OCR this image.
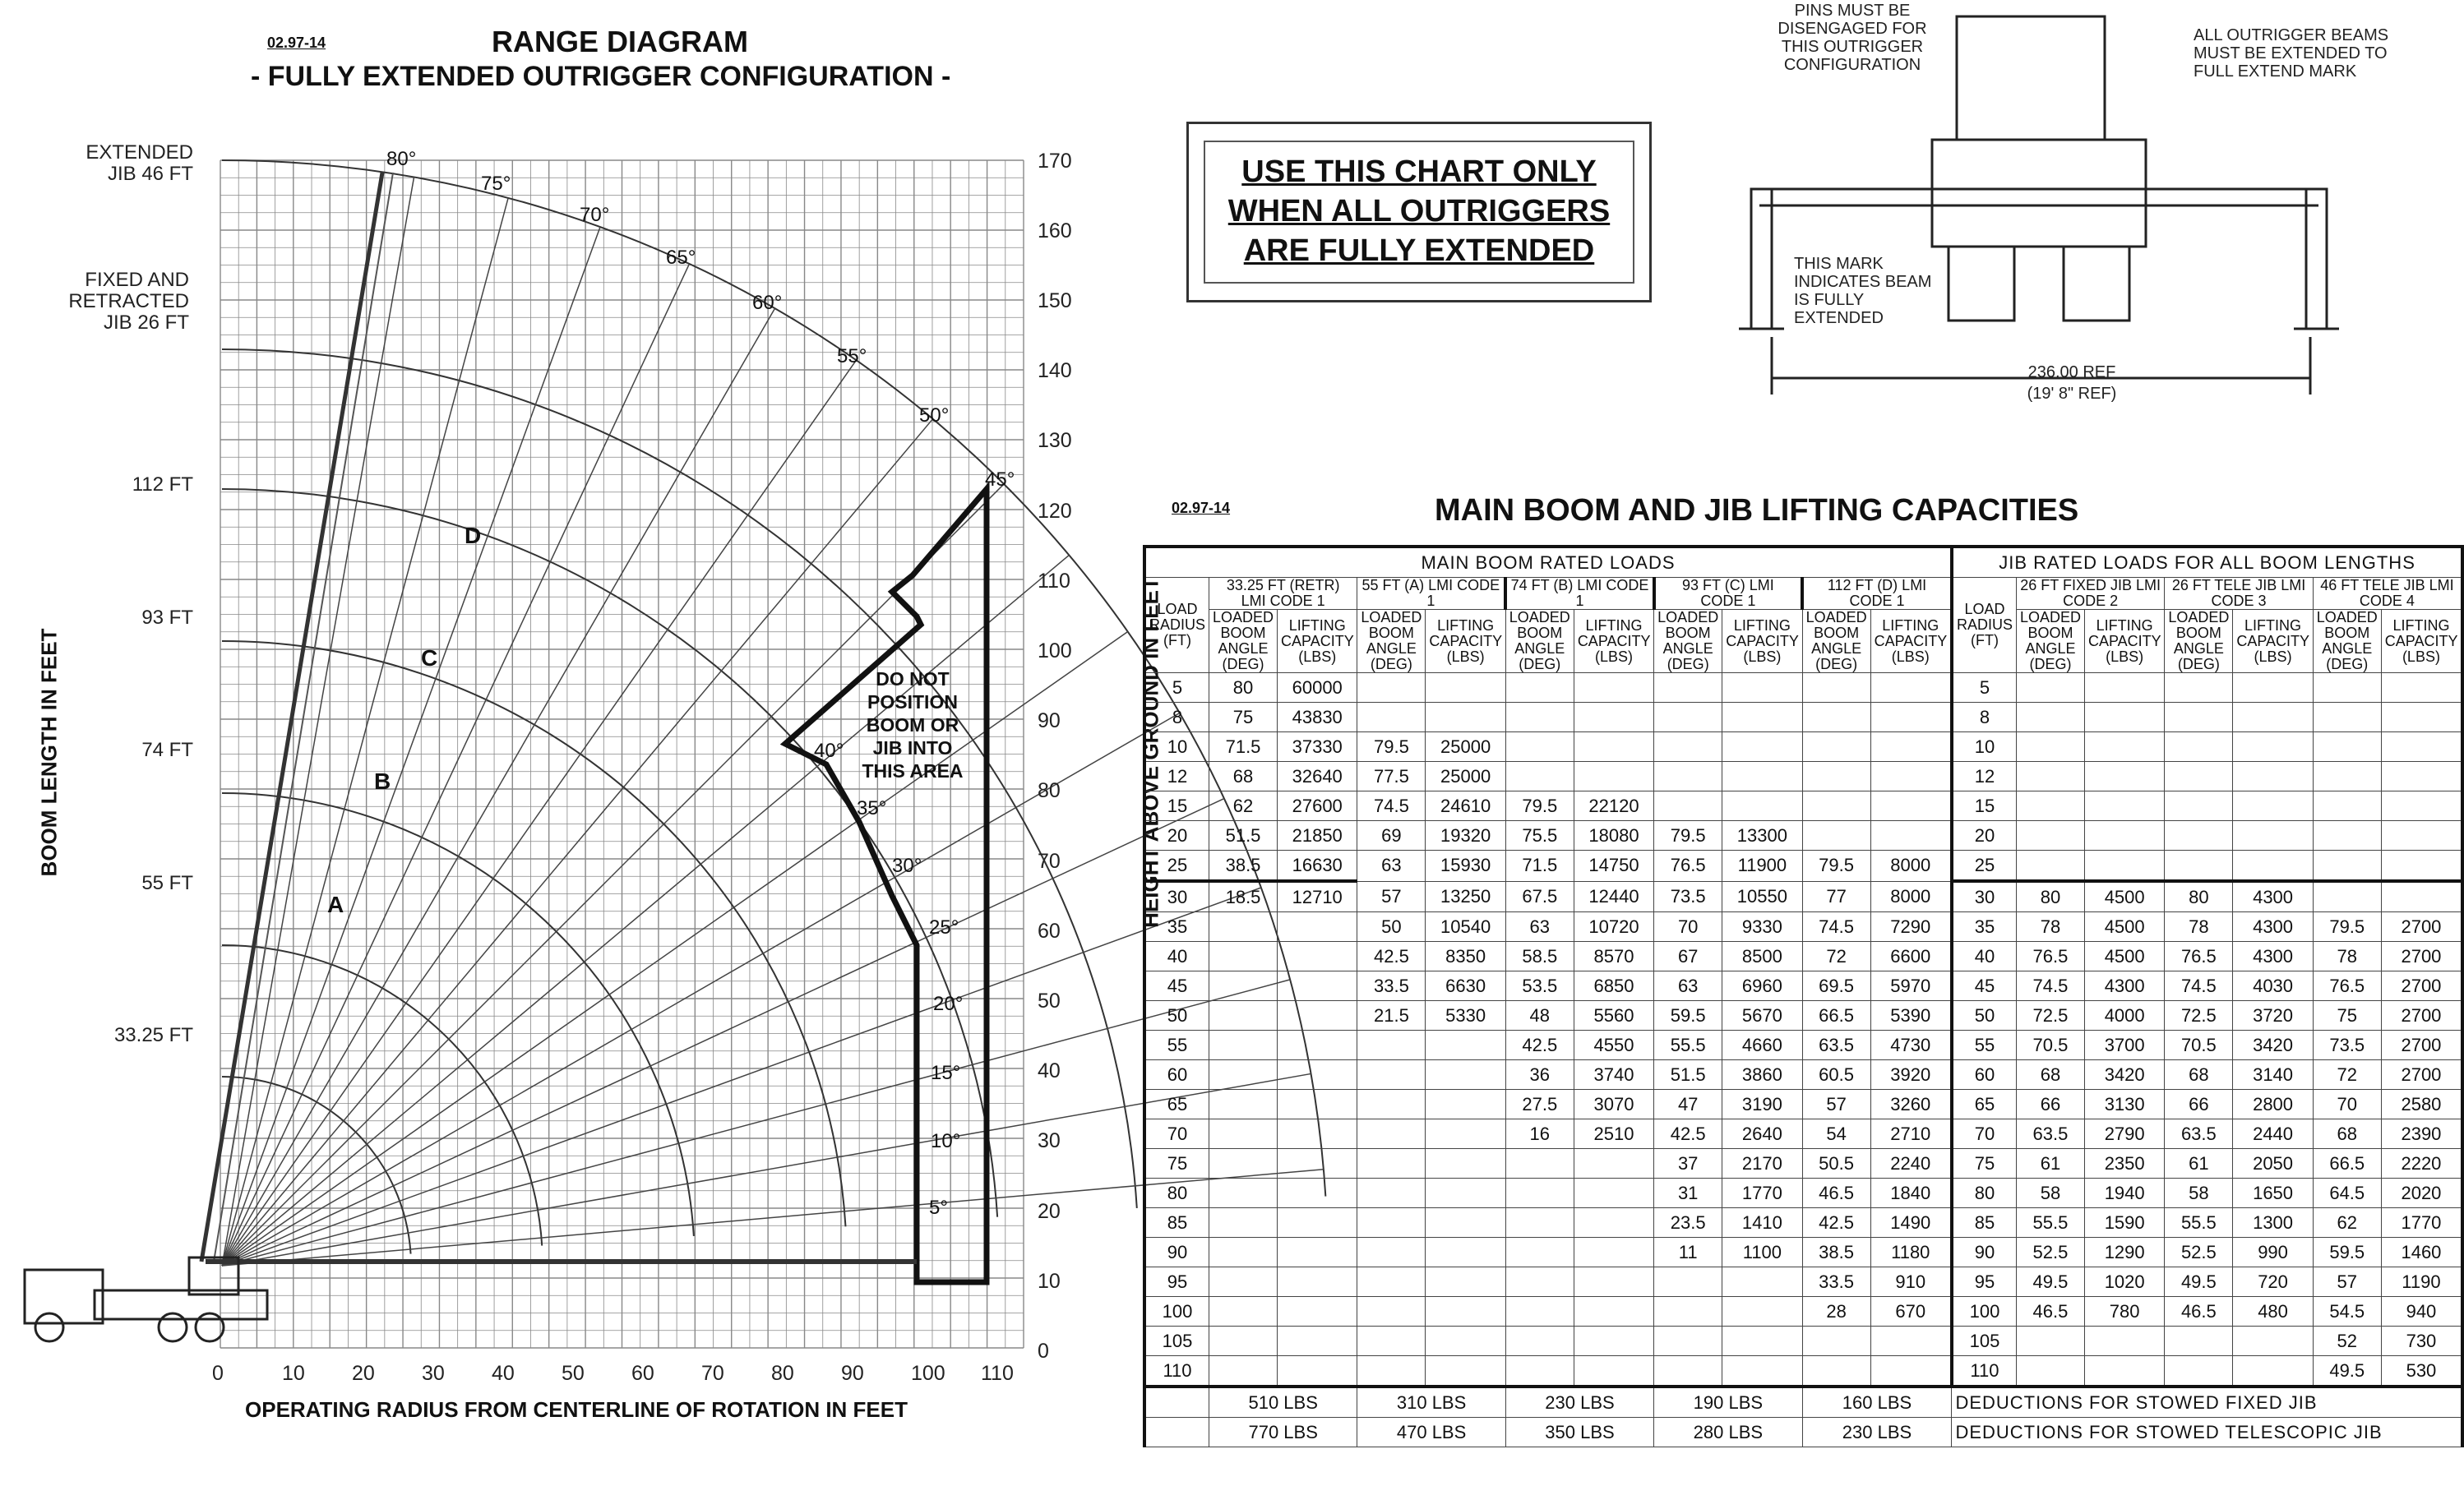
02.97-14	RANGE DIAGRAM
- FULLY EXTENDED OUTRIGGER CONFIGURATION -
BOOM LENGTH IN FEET	HEIGHT ABOVE GROUND IN FEET
OPERATING RADIUS FROM CENTERLINE OF ROTATION IN FEET
0	10 20 30 40 50 60 70 80 90 100 110
0
10
20
30
40
50
60
70
80
90
100
110
120
130
140
150
160
170
EXTENDED
JIB 46 FT
FIXED AND
RETRACTED
JIB 26 FT
112 FT
93 FT
74 FT
55 FT
33.25 FT
D
C
B
A
80°
75°
70°
65°
60°
55°
50°
45°
40°
35°
30°
25°
20°
15°
10°
5°
DO NOT
POSITION
BOOM OR
JIB INTO
THIS AREA
USE THIS CHART ONLY
WHEN ALL OUTRIGGERS
ARE FULLY EXTENDED
PINS MUST BE
DISENGAGED FOR
THIS OUTRIGGER
CONFIGURATION
ALL OUTRIGGER BEAMS
MUST BE EXTENDED TO
FULL EXTEND MARK
THIS MARK
INDICATES BEAM
IS FULLY
EXTENDED
236.00 REF
(19' 8" REF)
02.97-14	MAIN BOOM AND JIB LIFTING CAPACITIES
MAIN BOOM RATED LOADS											JIB RATED LOADS FOR ALL BOOM LENGTHS						
LOAD RADIUS (FT)	33.25 FT (RETR) LMI CODE 1		55 FT (A) LMI CODE 1		74 FT (B) LMI CODE 1		93 FT (C) LMI CODE 1		112 FT (D) LMI CODE 1		LOAD RADIUS (FT)	26 FT FIXED JIB LMI CODE 2		26 FT TELE JIB LMI CODE 3		46 FT TELE JIB LMI CODE 4	
	LOADED BOOM ANGLE (DEG)	LIFTING CAPACITY (LBS)	LOADED BOOM ANGLE (DEG)	LIFTING CAPACITY (LBS)	LOADED BOOM ANGLE (DEG)	LIFTING CAPACITY (LBS)	LOADED BOOM ANGLE (DEG)	LIFTING CAPACITY (LBS)	LOADED BOOM ANGLE (DEG)	LIFTING CAPACITY (LBS)		LOADED BOOM ANGLE (DEG)	LIFTING CAPACITY (LBS)	LOADED BOOM ANGLE (DEG)	LIFTING CAPACITY (LBS)	LOADED BOOM ANGLE (DEG)	LIFTING CAPACITY (LBS)
5	80	60000									5						
8	75	43830									8						
10	71.5	37330	79.5	25000							10						
12	68	32640	77.5	25000							12						
15	62	27600	74.5	24610	79.5	22120					15						
20	51.5	21850	69	19320	75.5	18080	79.5	13300			20						
25	38.5	16630	63	15930	71.5	14750	76.5	11900	79.5	8000	25						
30	18.5	12710	57	13250	67.5	12440	73.5	10550	77	8000	30	80	4500	80	4300		
35			50	10540	63	10720	70	9330	74.5	7290	35	78	4500	78	4300	79.5	2700
40			42.5	8350	58.5	8570	67	8500	72	6600	40	76.5	4500	76.5	4300	78	2700
45			33.5	6630	53.5	6850	63	6960	69.5	5970	45	74.5	4300	74.5	4030	76.5	2700
50			21.5	5330	48	5560	59.5	5670	66.5	5390	50	72.5	4000	72.5	3720	75	2700
55					42.5	4550	55.5	4660	63.5	4730	55	70.5	3700	70.5	3420	73.5	2700
60					36	3740	51.5	3860	60.5	3920	60	68	3420	68	3140	72	2700
65					27.5	3070	47	3190	57	3260	65	66	3130	66	2800	70	2580
70					16	2510	42.5	2640	54	2710	70	63.5	2790	63.5	2440	68	2390
75							37	2170	50.5	2240	75	61	2350	61	2050	66.5	2220
80							31	1770	46.5	1840	80	58	1940	58	1650	64.5	2020
85							23.5	1410	42.5	1490	85	55.5	1590	55.5	1300	62	1770
90							11	1100	38.5	1180	90	52.5	1290	52.5	990	59.5	1460
95									33.5	910	95	49.5	1020	49.5	720	57	1190
100									28	670	100	46.5	780	46.5	480	54.5	940
105											105					52	730
110											110					49.5	530
	510 LBS		310 LBS		230 LBS		190 LBS		160 LBS		DEDUCTIONS FOR STOWED FIXED JIB						
	770 LBS		470 LBS		350 LBS		280 LBS		230 LBS		DEDUCTIONS FOR STOWED TELESCOPIC JIB						
